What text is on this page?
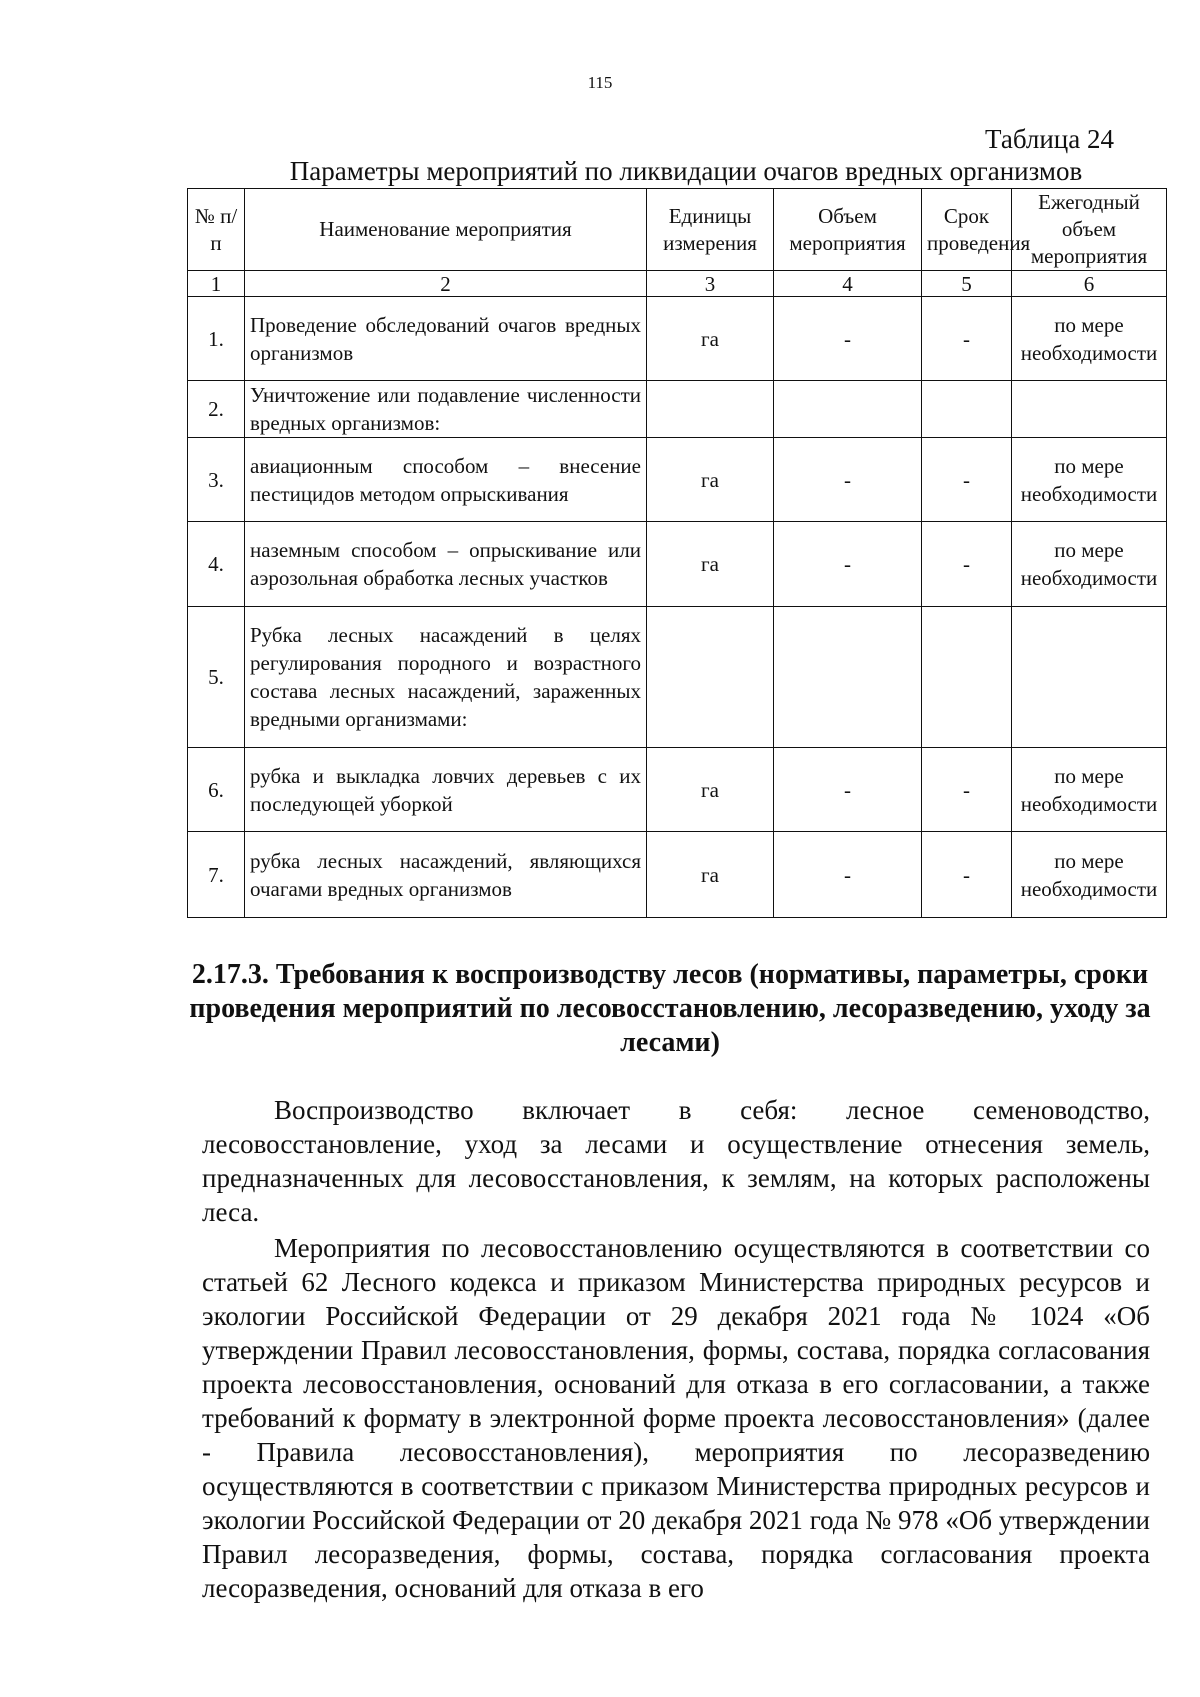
115
Таблица 24
Параметры мероприятий по ликвидации очагов вредных организмов
№ п/п	Наименование мероприятия	Единицы измерения	Объем мероприятия	Срок проведения	Ежегодный объем мероприятия
1	2	3	4	5	6
1.	Проведение обследований очагов вредных организмов	га	-	-	по мере необходимости
2.	Уничтожение или подавление численности вредных организмов:				
3.	авиационным способом – внесение пестицидов методом опрыскивания	га	-	-	по мере необходимости
4.	наземным способом – опрыскивание или аэрозольная обработка лесных участков	га	-	-	по мере необходимости
5.	Рубка лесных насаждений в целях регулирования породного и возрастного состава лесных насаждений, зараженных вредными организмами:				
6.	рубка и выкладка ловчих деревьев с их последующей уборкой	га	-	-	по мере необходимости
7.	рубка лесных насаждений, являющихся очагами вредных организмов	га	-	-	по мере необходимости
2.17.3. Требования к воспроизводству лесов (нормативы, параметры, сроки проведения мероприятий по лесовосстановлению, лесоразведению, уходу за лесами)

Воспроизводство включает в себя: лесное семеноводство, лесовосстановление, уход за лесами и осуществление отнесения земель, предназначенных для лесовосстановления, к землям, на которых расположены леса.

Мероприятия по лесовосстановлению осуществляются в соответствии со статьей 62 Лесного кодекса и приказом Министерства природных ресурсов и экологии Российской Федерации от 29 декабря 2021 года № 1024 «Об утверждении Правил лесовосстановления, формы, состава, порядка согласования проекта лесовосстановления, оснований для отказа в его согласовании, а также требований к формату в электронной форме проекта лесовосстановления» (далее - Правила лесовосстановления), мероприятия по лесоразведению осуществляются в соответствии с приказом Министерства природных ресурсов и экологии Российской Федерации от 20 декабря 2021 года № 978 «Об утверждении Правил лесоразведения, формы, состава, порядка согласования проекта лесоразведения, оснований для отказа в его
